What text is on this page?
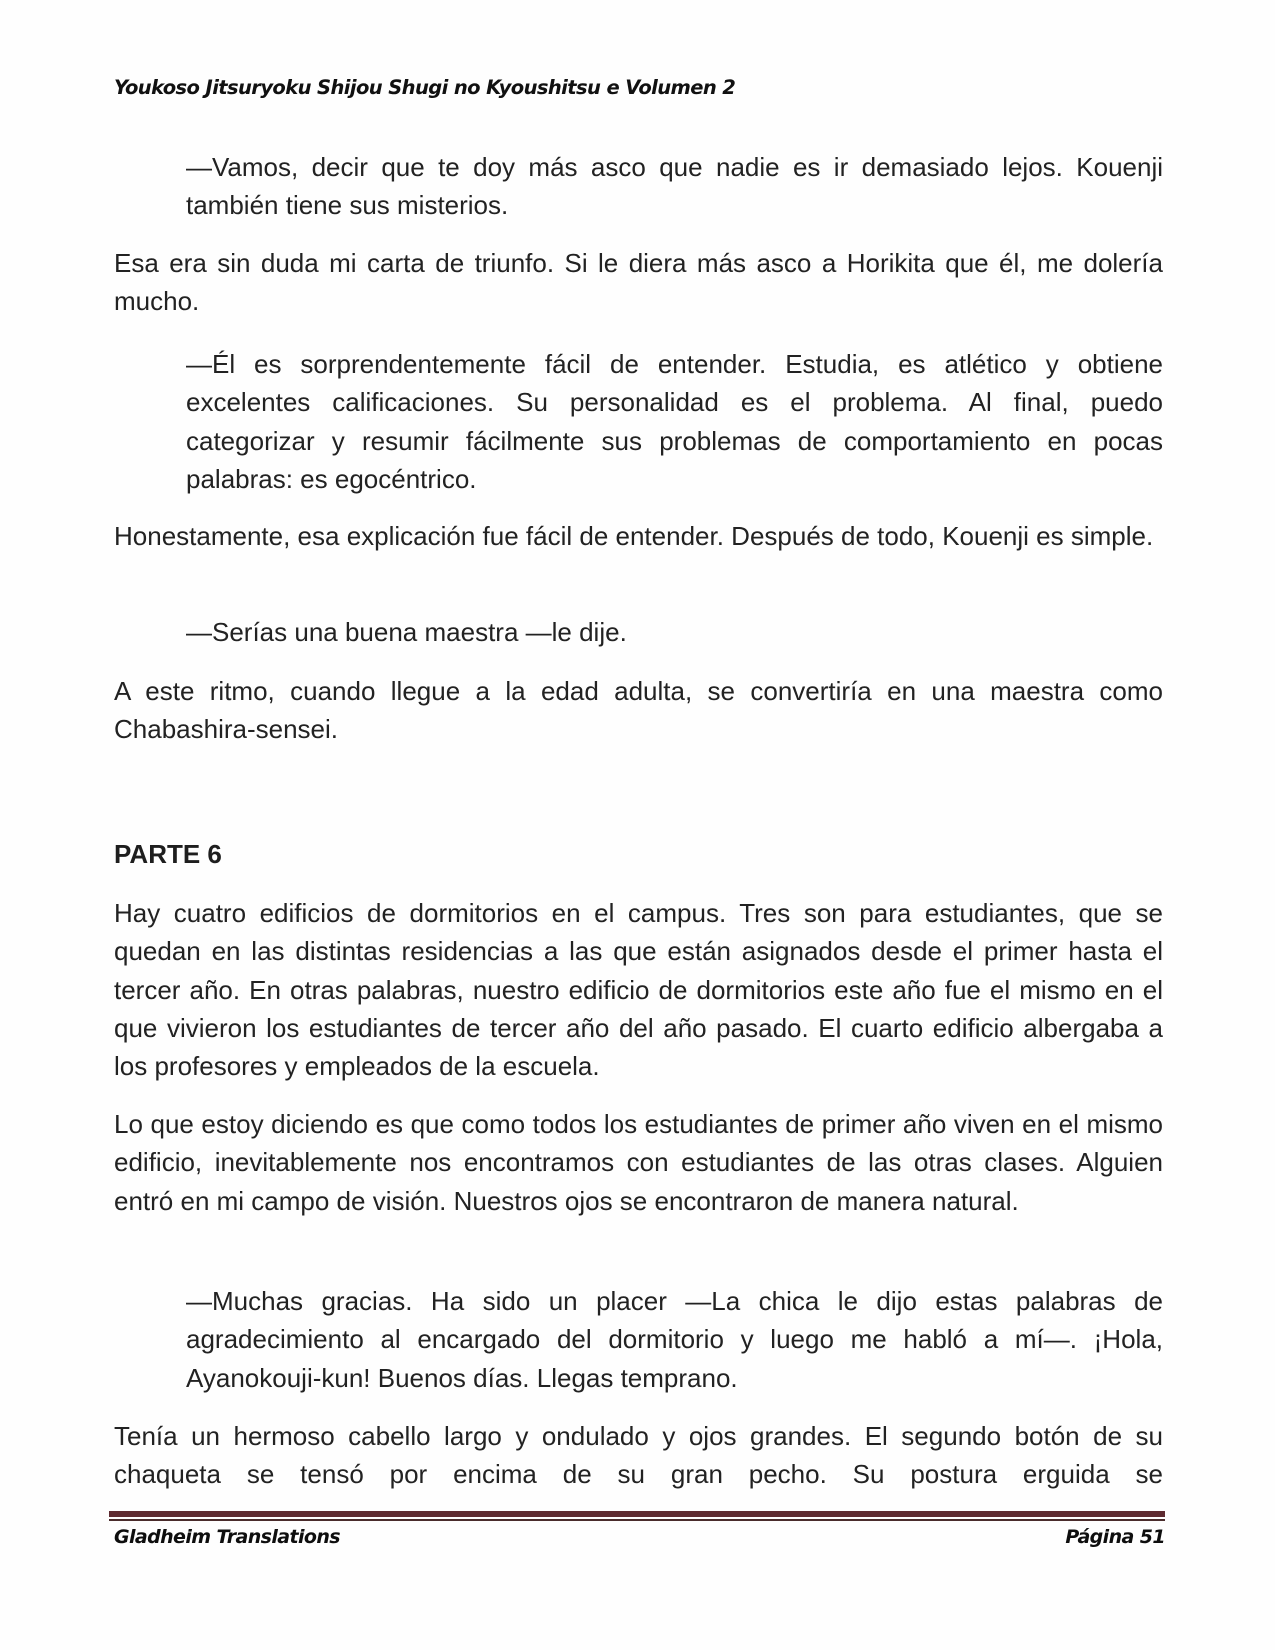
Youkoso Jitsuryoku Shijou Shugi no Kyoushitsu e Volumen 2

—Vamos, decir que te doy más asco que nadie es ir demasiado lejos. Kouenji también tiene sus misterios.

Esa era sin duda mi carta de triunfo. Si le diera más asco a Horikita que él, me dolería mucho.

—Él es sorprendentemente fácil de entender. Estudia, es atlético y obtiene excelentes calificaciones. Su personalidad es el problema. Al final, puedo categorizar y resumir fácilmente sus problemas de comportamiento en pocas palabras: es egocéntrico.

Honestamente, esa explicación fue fácil de entender. Después de todo, Kouenji es simple.

—Serías una buena maestra —le dije.

A este ritmo, cuando llegue a la edad adulta, se convertiría en una maestra como Chabashira-sensei.

PARTE 6

Hay cuatro edificios de dormitorios en el campus. Tres son para estudiantes, que se quedan en las distintas residencias a las que están asignados desde el primer hasta el tercer año. En otras palabras, nuestro edificio de dormitorios este año fue el mismo en el que vivieron los estudiantes de tercer año del año pasado. El cuarto edificio albergaba a los profesores y empleados de la escuela.

Lo que estoy diciendo es que como todos los estudiantes de primer año viven en el mismo edificio, inevitablemente nos encontramos con estudiantes de las otras clases. Alguien entró en mi campo de visión. Nuestros ojos se encontraron de manera natural.

—Muchas gracias. Ha sido un placer —La chica le dijo estas palabras de agradecimiento al encargado del dormitorio y luego me habló a mí—. ¡Hola, Ayanokouji-kun! Buenos días. Llegas temprano.

Tenía un hermoso cabello largo y ondulado y ojos grandes. El segundo botón de su chaqueta se tensó por encima de su gran pecho. Su postura erguida se

Gladheim Translations	Página 51
